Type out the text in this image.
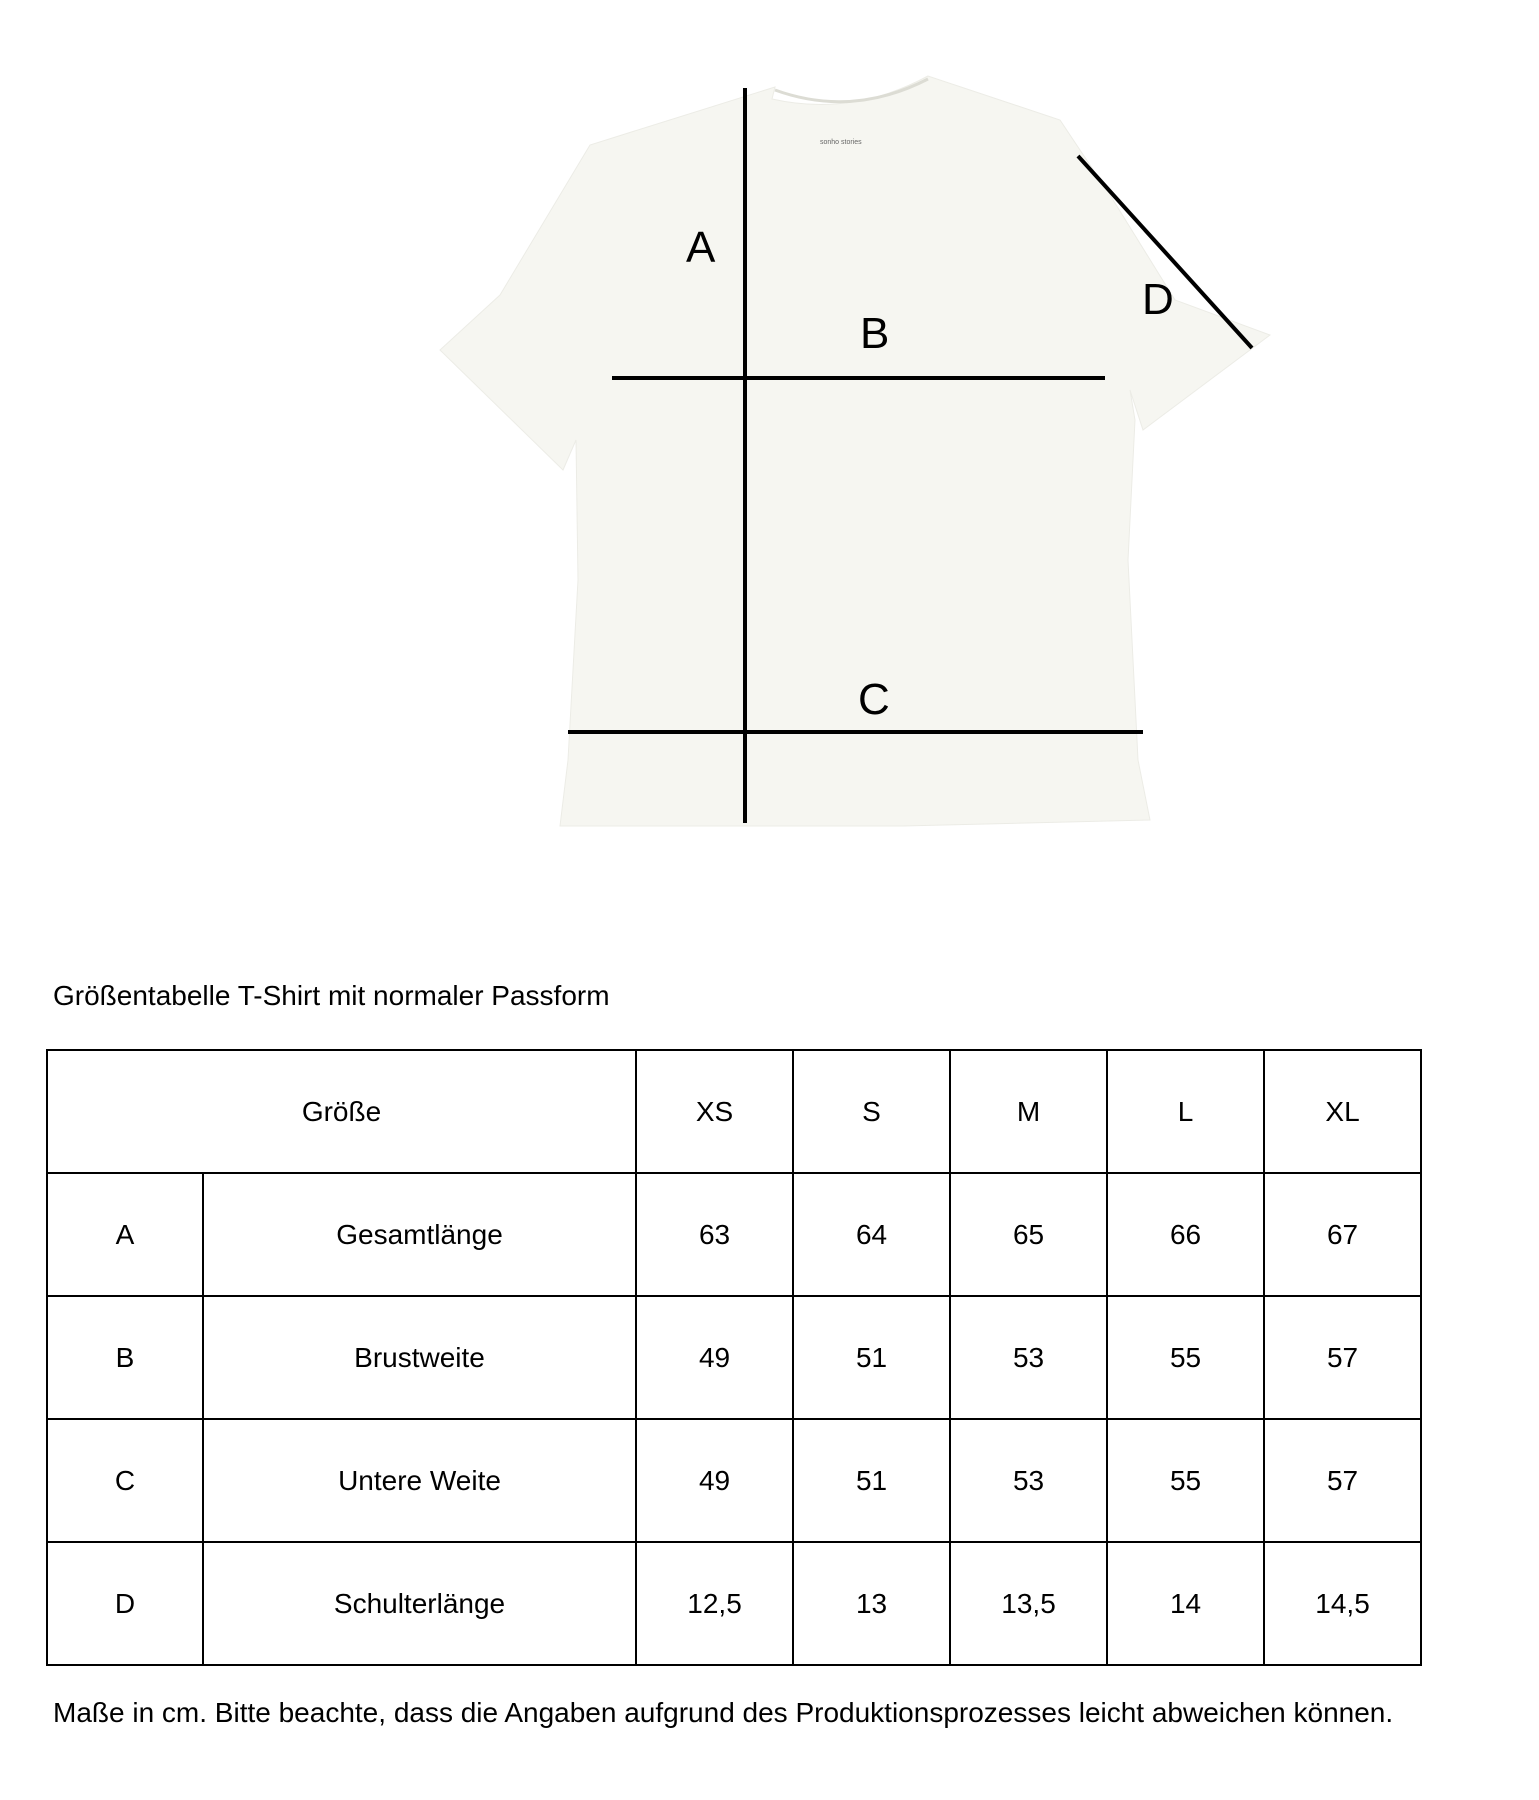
sonho stories
A
B
C
D
Größentabelle T-Shirt mit normaler Passform
Größe		XS	S	M	L	XL
A	Gesamtlänge	63	64	65	66	67
B	Brustweite	49	51	53	55	57
C	Untere Weite	49	51	53	55	57
D	Schulterlänge	12,5	13	13,5	14	14,5

Maße in cm. Bitte beachte, dass die Angaben aufgrund des Produktionsprozesses leicht abweichen können.
